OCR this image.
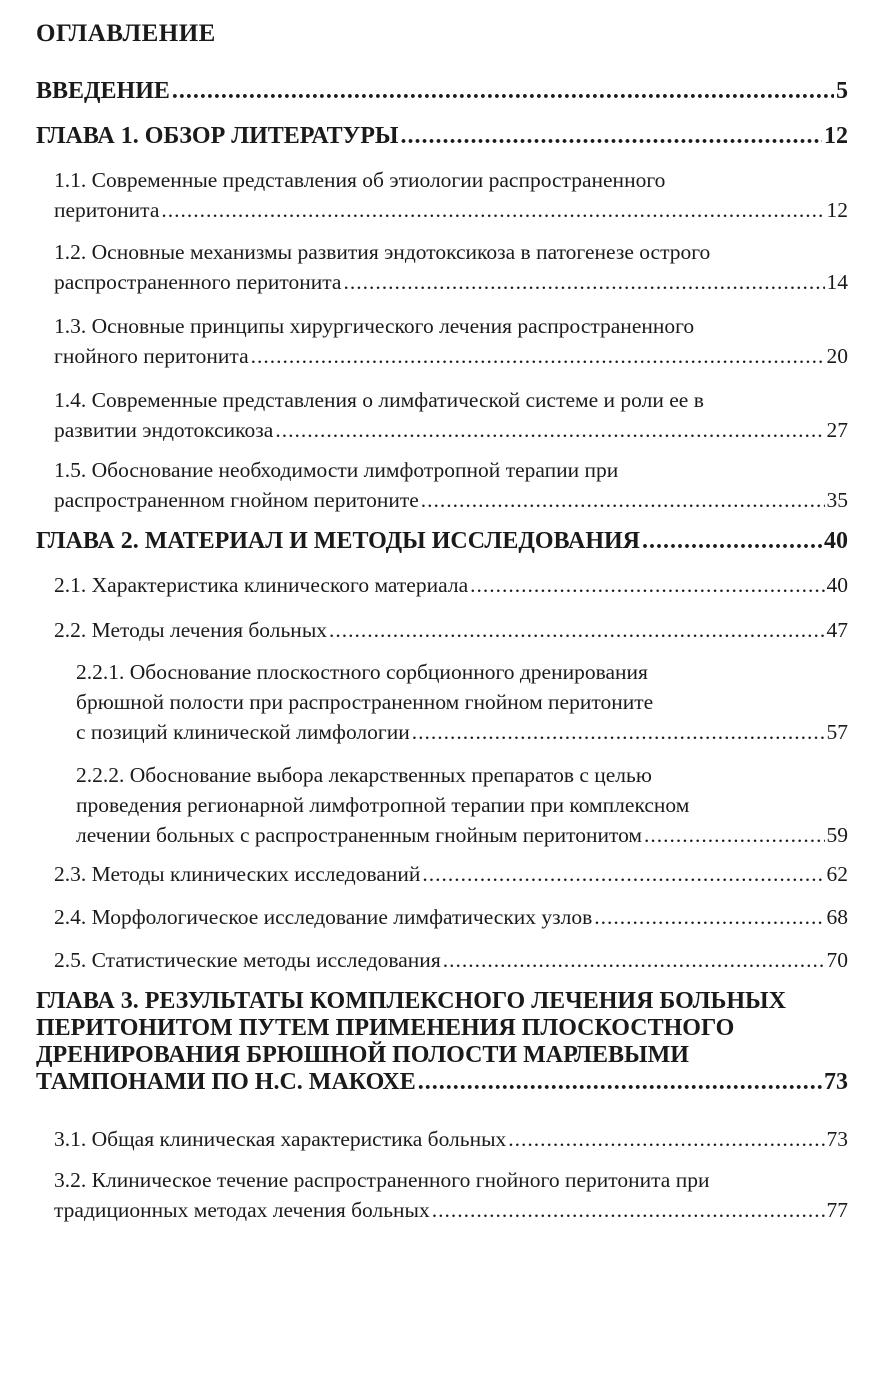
ОГЛАВЛЕНИЕ
ВВЕДЕНИЕ .....	5
ГЛАВА 1. ОБЗОР ЛИТЕРАТУРЫ .....	12
1.1. Современные представления об этиологии распространенного
перитонита .....	12
1.2. Основные механизмы развития эндотоксикоза в патогенезе острого
распространенного перитонита .....	14
1.3. Основные принципы хирургического лечения распространенного
гнойного перитонита .....	20
1.4. Современные представления о лимфатической системе и роли ее в
развитии эндотоксикоза .....	27
1.5. Обоснование необходимости лимфотропной терапии при
распространенном гнойном перитоните .....	35
ГЛАВА 2. МАТЕРИАЛ И МЕТОДЫ ИССЛЕДОВАНИЯ .....	40
2.1. Характеристика клинического материала .....	40
2.2. Методы лечения больных .....	47
2.2.1. Обоснование плоскостного сорбционного дренирования
брюшной полости при распространенном гнойном перитоните
с позиций клинической лимфологии .....	57
2.2.2. Обоснование выбора лекарственных препаратов с целью
проведения регионарной лимфотропной терапии при комплексном
лечении больных с распространенным гнойным перитонитом .....	59
2.3. Методы клинических исследований .....	62
2.4. Морфологическое исследование лимфатических узлов .....	68
2.5. Статистические методы исследования .....	70
ГЛАВА 3. РЕЗУЛЬТАТЫ КОМПЛЕКСНОГО ЛЕЧЕНИЯ БОЛЬНЫХ
ПЕРИТОНИТОМ ПУТЕМ ПРИМЕНЕНИЯ ПЛОСКОСТНОГО
ДРЕНИРОВАНИЯ БРЮШНОЙ ПОЛОСТИ МАРЛЕВЫМИ
ТАМПОНАМИ ПО Н.С. МАКОХЕ .....	73
3.1. Общая клиническая характеристика больных .....	73
3.2. Клиническое течение распространенного гнойного перитонита при
традиционных методах лечения больных .....	77
